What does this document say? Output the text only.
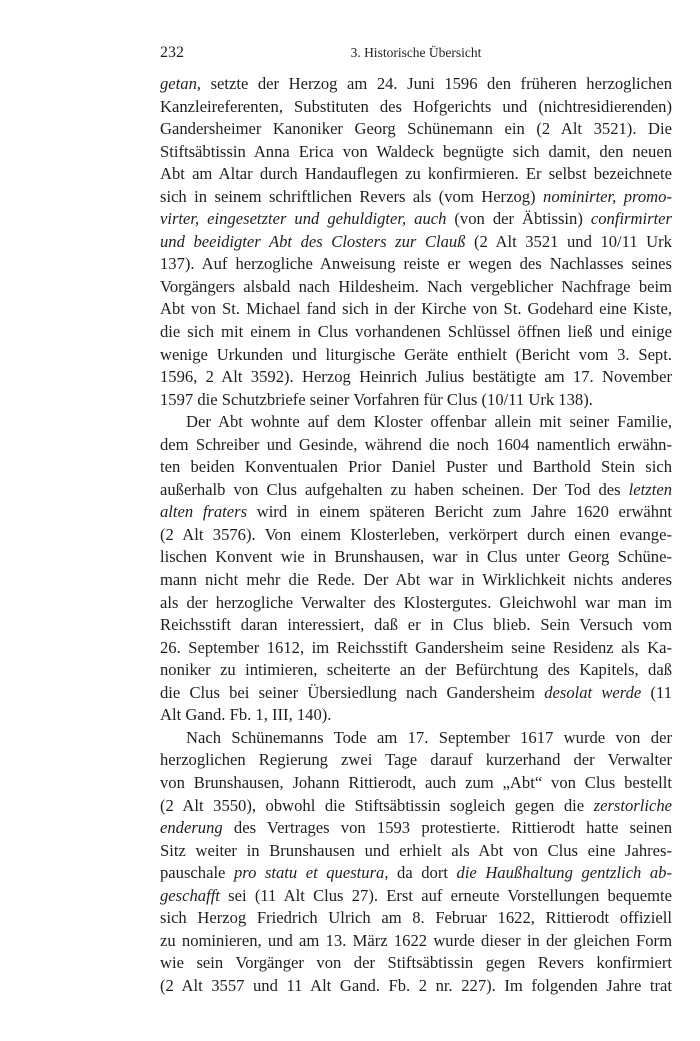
232	3. Historische Übersicht
getan, setzte der Herzog am 24. Juni 1596 den früheren herzoglichen
Kanzleireferenten, Substituten des Hofgerichts und (nichtresidierenden)
Gandersheimer Kanoniker Georg Schünemann ein (2 Alt 3521). Die
Stiftsäbtissin Anna Erica von Waldeck begnügte sich damit, den neuen
Abt am Altar durch Handauflegen zu konfirmieren. Er selbst bezeichnete
sich in seinem schriftlichen Revers als (vom Herzog) nominirter, promo-
virter, eingesetzter und gehuldigter, auch (von der Äbtissin) confirmirter
und beeidigter Abt des Closters zur Clauß (2 Alt 3521 und 10/11 Urk
137). Auf herzogliche Anweisung reiste er wegen des Nachlasses seines
Vorgängers alsbald nach Hildesheim. Nach vergeblicher Nachfrage beim
Abt von St. Michael fand sich in der Kirche von St. Godehard eine Kiste,
die sich mit einem in Clus vorhandenen Schlüssel öffnen ließ und einige
wenige Urkunden und liturgische Geräte enthielt (Bericht vom 3. Sept.
1596, 2 Alt 3592). Herzog Heinrich Julius bestätigte am 17. November
1597 die Schutzbriefe seiner Vorfahren für Clus (10/11 Urk 138).
Der Abt wohnte auf dem Kloster offenbar allein mit seiner Familie,
dem Schreiber und Gesinde, während die noch 1604 namentlich erwähn-
ten beiden Konventualen Prior Daniel Puster und Barthold Stein sich
außerhalb von Clus aufgehalten zu haben scheinen. Der Tod des letzten
alten fraters wird in einem späteren Bericht zum Jahre 1620 erwähnt
(2 Alt 3576). Von einem Klosterleben, verkörpert durch einen evange-
lischen Konvent wie in Brunshausen, war in Clus unter Georg Schüne-
mann nicht mehr die Rede. Der Abt war in Wirklichkeit nichts anderes
als der herzogliche Verwalter des Klostergutes. Gleichwohl war man im
Reichsstift daran interessiert, daß er in Clus blieb. Sein Versuch vom
26. September 1612, im Reichsstift Gandersheim seine Residenz als Ka-
noniker zu intimieren, scheiterte an der Befürchtung des Kapitels, daß
die Clus bei seiner Übersiedlung nach Gandersheim desolat werde (11
Alt Gand. Fb. 1, III, 140).
Nach Schünemanns Tode am 17. September 1617 wurde von der
herzoglichen Regierung zwei Tage darauf kurzerhand der Verwalter
von Brunshausen, Johann Rittierodt, auch zum „Abt“ von Clus bestellt
(2 Alt 3550), obwohl die Stiftsäbtissin sogleich gegen die zerstorliche
enderung des Vertrages von 1593 protestierte. Rittierodt hatte seinen
Sitz weiter in Brunshausen und erhielt als Abt von Clus eine Jahres-
pauschale pro statu et questura, da dort die Haußhaltung gentzlich ab-
geschafft sei (11 Alt Clus 27). Erst auf erneute Vorstellungen bequemte
sich Herzog Friedrich Ulrich am 8. Februar 1622, Rittierodt offiziell
zu nominieren, und am 13. März 1622 wurde dieser in der gleichen Form
wie sein Vorgänger von der Stiftsäbtissin gegen Revers konfirmiert
(2 Alt 3557 und 11 Alt Gand. Fb. 2 nr. 227). Im folgenden Jahre trat
